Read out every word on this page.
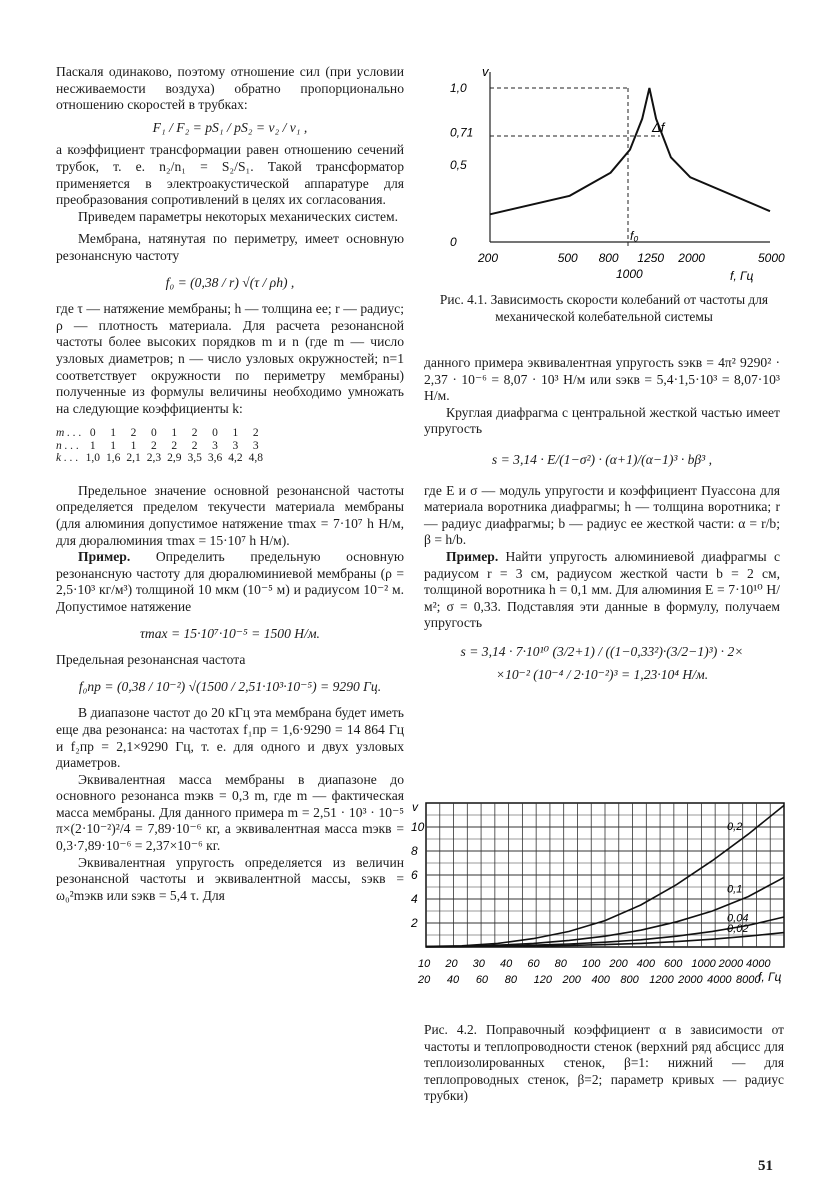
Паскаля одинаково, поэтому отношение сил (при условии несживаемости воздуха) обратно пропорционально отношению скоростей в трубках:

F₁ / F₂ = pS₁ / pS₂ = v₂ / v₁ ,

а коэффициент трансформации равен отношению сечений трубок, т. е. n₂/n₁ = S₂/S₁. Такой трансформатор применяется в электроакустической аппаратуре для преобразования сопротивлений в целях их согласования.

Приведем параметры некоторых механических систем.

Мембрана, натянутая по периметру, имеет основную резонансную частоту

f₀ = (0,38 / r) √(τ / ρh) ,

где τ — натяжение мембраны; h — толщина ее; r — радиус; ρ — плотность материала. Для расчета резонансной частоты более высоких порядков m и n (где m — число узловых диаметров; n — число узловых окружностей; n=1 соответствует окружности по периметру мембраны) полученные из формулы величины необходимо умножать на следующие коэффициенты k:

m . . .	0	1	2	0	1	2	0	1	2
n . . .	1	1	1	2	2	2	3	3	3
k . . .	1,0	1,6	2,1	2,3	2,9	3,5	3,6	4,2	4,8

Предельное значение основной резонансной частоты определяется пределом текучести материала мембраны (для алюминия допустимое натяжение τmax = 7·10⁷ h Н/м, для дюралюминия τmax = 15·10⁷ h Н/м).

Пример. Определить предельную основную резонансную частоту для дюралюминиевой мембраны (ρ = 2,5·10³ кг/м³) толщиной 10 мкм (10⁻⁵ м) и радиусом 10⁻² м. Допустимое натяжение

τmax = 15·10⁷·10⁻⁵ = 1500 Н/м.

Предельная резонансная частота

f₀пр = (0,38 / 10⁻²) √(1500 / 2,51·10³·10⁻⁵) = 9290 Гц.

В диапазоне частот до 20 кГц эта мембрана будет иметь еще два резонанса: на частотах f₁пр = 1,6·9290 = 14 864 Гц и f₂пр = 2,1×9290 Гц, т. е. для одного и двух узловых диаметров.

Эквивалентная масса мембраны в диапазоне до основного резонанса mэкв = 0,3 m, где m — фактическая масса мембраны. Для данного примера m = 2,51 · 10³ · 10⁻⁵ π×(2·10⁻²)²/4 = 7,89·10⁻⁶ кг, а эквивалентная масса mэкв = 0,3·7,89·10⁻⁶ = 2,37×10⁻⁶ кг.

Эквивалентная упругость определяется из величин резонансной частоты и эквивалентной массы, sэкв = ω₀²mэкв или sэкв = 5,4 τ. Для

v
0
0,5
0,71
1,0
200	500 800 1250 2000	5000
1000
Δf
f₀
f, Гц
Рис. 4.1. Зависимость скорости колебаний от частоты для механической колебательной системы

данного примера эквивалентная упругость sэкв = 4π² 9290² · 2,37 · 10⁻⁶ = 8,07 · 10³ Н/м или sэкв = 5,4·1,5·10³ = 8,07·10³ Н/м.

Круглая диафрагма с центральной жесткой частью имеет упругость

s = 3,14 · E/(1−σ²) · (α+1)/(α−1)³ · bβ³ ,

где E и σ — модуль упругости и коэффициент Пуассона для материала воротника диафрагмы; h — толщина воротника; r — радиус диафрагмы; b — радиус ее жесткой части: α = r/b; β = h/b.

Пример. Найти упругость алюминиевой диафрагмы с радиусом r = 3 см, радиусом жесткой части b = 2 см, толщиной воротника h = 0,1 мм. Для алюминия E = 7·10¹⁰ Н/м²; σ = 0,33. Подставляя эти данные в формулу, получаем упругость

s = 3,14 · 7·10¹⁰ (3/2+1) / ((1−0,33²)·(3/2−1)³) · 2×

×10⁻² (10⁻⁴ / 2·10⁻²)³ = 1,23·10⁴ Н/м.

v
2
4
6
8
10	0,2
0,1
0,04
0,02
10 20 30 40 60 80 100 200 400 600 1000 2000 4000
20 40 60 80 120 200 400 800 1200 2000 4000 8000
f, Гц
Рис. 4.2. Поправочный коэффициент α в зависимости от частоты и теплопроводности стенок (верхний ряд абсцисс для теплоизолированных стенок, β=1: нижний — для теплопроводных стенок, β=2; параметр кривых — радиус трубки)
51
